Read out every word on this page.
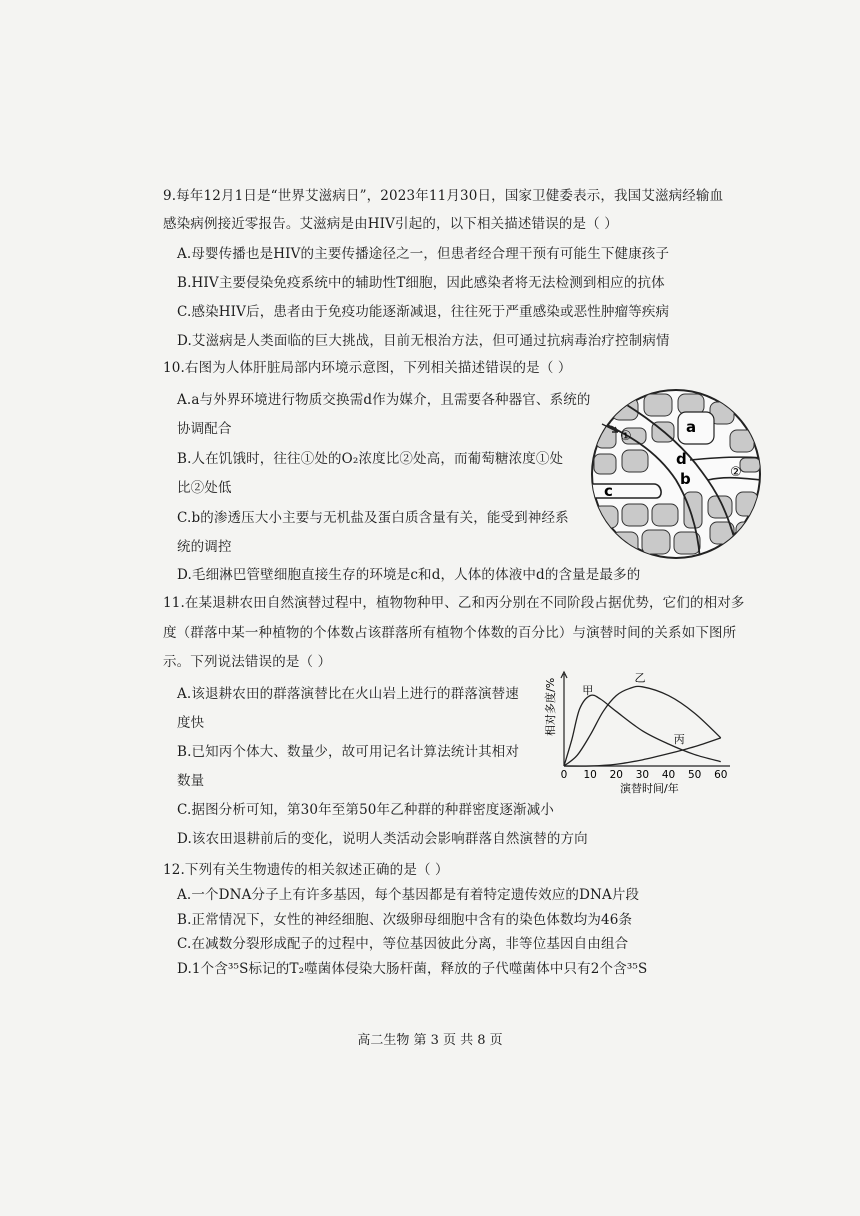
9.每年12月1日是“世界艾滋病日”，2023年11月30日，国家卫健委表示，我国艾滋病经输血
感染病例接近零报告。艾滋病是由HIV引起的，以下相关描述错误的是（ ）
A.母婴传播也是HIV的主要传播途径之一，但患者经合理干预有可能生下健康孩子
B.HIV主要侵染免疫系统中的辅助性T细胞，因此感染者将无法检测到相应的抗体
C.感染HIV后，患者由于免疫功能逐渐减退，往往死于严重感染或恶性肿瘤等疾病
D.艾滋病是人类面临的巨大挑战，目前无根治方法，但可通过抗病毒治疗控制病情
10.右图为人体肝脏局部内环境示意图，下列相关描述错误的是（ ）
A.a与外界环境进行物质交换需d作为媒介，且需要各种器官、系统的
协调配合
B.人在饥饿时，往往①处的O₂浓度比②处高，而葡萄糖浓度①处
比②处低
C.b的渗透压大小主要与无机盐及蛋白质含量有关，能受到神经系
统的调控
D.毛细淋巴管壁细胞直接生存的环境是c和d，人体的体液中d的含量是最多的
①
a
d
b
c
②
11.在某退耕农田自然演替过程中，植物物种甲、乙和丙分别在不同阶段占据优势，它们的相对多
度（群落中某一种植物的个体数占该群落所有植物个体数的百分比）与演替时间的关系如下图所
示。下列说法错误的是（ ）
A.该退耕农田的群落演替比在火山岩上进行的群落演替速
度快
B.已知丙个体大、数量少，故可用记名计算法统计其相对
数量
C.据图分析可知，第30年至第50年乙种群的种群密度逐渐减小
D.该农田退耕前后的变化，说明人类活动会影响群落自然演替的方向
相对多度/%
演替时间/年
0 10 20 30 40 50 60
甲
乙
丙
12.下列有关生物遗传的相关叙述正确的是（ ）
A.一个DNA分子上有许多基因，每个基因都是有着特定遗传效应的DNA片段
B.正常情况下，女性的神经细胞、次级卵母细胞中含有的染色体数均为46条
C.在减数分裂形成配子的过程中，等位基因彼此分离，非等位基因自由组合
D.1个含³⁵S标记的T₂噬菌体侵染大肠杆菌，释放的子代噬菌体中只有2个含³⁵S
高二生物 第 3 页 共 8 页
